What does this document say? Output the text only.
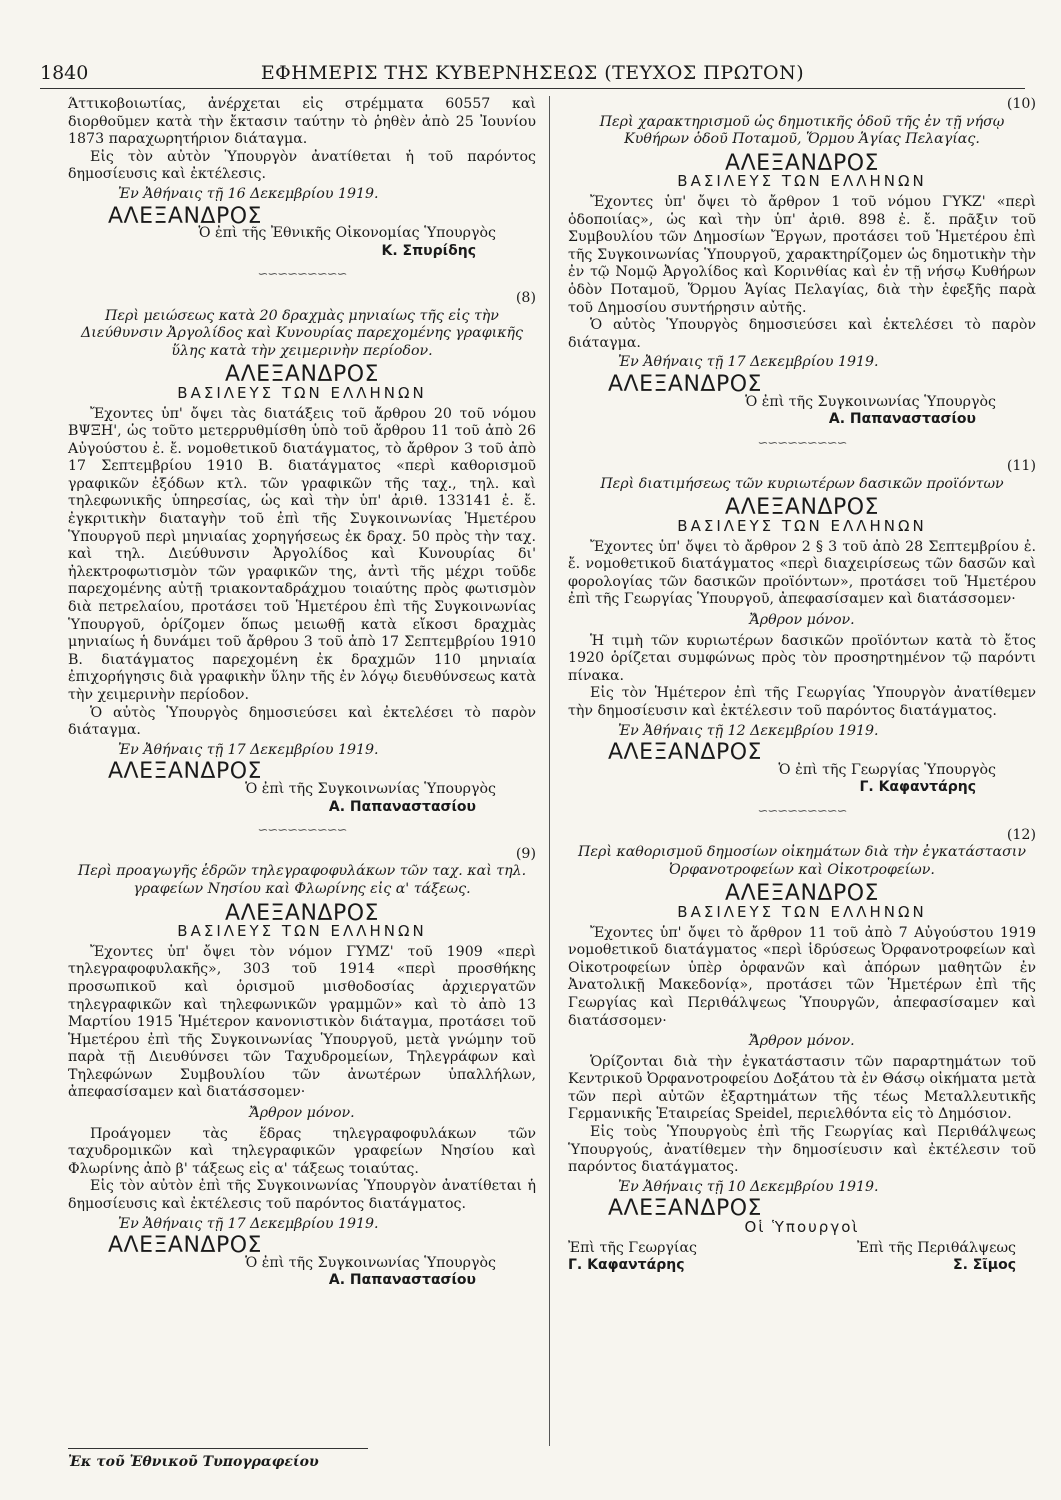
1840	ΕΦΗΜΕΡΙΣ ΤΗΣ ΚΥΒΕΡΝΗΣΕΩΣ (ΤΕΥΧΟΣ ΠΡΩΤΟΝ)

Άττικοβοιωτίας, ἀνέρχεται εἰς στρέμματα 60557 καὶ διορθοῦμεν κατὰ τὴν ἔκτασιν ταύτην τὸ ῥηθὲν ἀπὸ 25 Ἰουνίου 1873 παραχωρητήριον διάταγμα.

Εἰς τὸν αὐτὸν Ὑπουργὸν ἀνατίθεται ἡ τοῦ παρόντος δημοσίευσις καὶ ἐκτέλεσις.

Ἐν Ἀθήναις τῇ 16 Δεκεμβρίου 1919.

ΑΛΕΞΑΝΔΡΟΣ

Ὁ ἐπὶ τῆς Ἐθνικῆς Οἰκονομίας Ὑπουργὸς

Κ. Σπυρίδης

∽∽∽∽∽∽∽∽∽

(8)

Περὶ μειώσεως κατὰ 20 δραχμὰς μηνιαίως τῆς εἰς τὴν Διεύθυνσιν Ἀργολίδος καὶ Κυνουρίας παρεχομένης γραφικῆς ὕλης κατὰ τὴν χειμερινὴν περίοδον.

ΑΛΕΞΑΝΔΡΟΣ
ΒΑΣΙΛΕΥΣ ΤΩΝ ΕΛΛΗΝΩΝ

Ἔχοντες ὑπ' ὄψει τὰς διατάξεις τοῦ ἄρθρου 20 τοῦ νόμου ΒΨΞΗ', ὡς τοῦτο μετερρυθμίσθη ὑπὸ τοῦ ἄρθρου 11 τοῦ ἀπὸ 26 Αὐγούστου ἐ. ἔ. νομοθετικοῦ διατάγματος, τὸ ἄρθρον 3 τοῦ ἀπὸ 17 Σεπτεμβρίου 1910 Β. διατάγματος «περὶ καθορισμοῦ γραφικῶν ἐξόδων κτλ. τῶν γραφικῶν τῆς ταχ., τηλ. καὶ τηλεφωνικῆς ὑπηρεσίας, ὡς καὶ τὴν ὑπ' ἀριθ. 133141 ἐ. ἔ. ἐγκριτικὴν διαταγὴν τοῦ ἐπὶ τῆς Συγκοινωνίας Ἡμετέρου Ὑπουργοῦ περὶ μηνιαίας χορηγήσεως ἐκ δραχ. 50 πρὸς τὴν ταχ. καὶ τηλ. Διεύθυνσιν Ἀργολίδος καὶ Κυνουρίας δι' ἠλεκτροφωτισμὸν τῶν γραφικῶν της, ἀντὶ τῆς μέχρι τοῦδε παρεχομένης αὐτῇ τριακονταδράχμου τοιαύτης πρὸς φωτισμὸν διὰ πετρελαίου, προτάσει τοῦ Ἡμετέρου ἐπὶ τῆς Συγκοινωνίας Ὑπουργοῦ, ὁρίζομεν ὅπως μειωθῇ κατὰ εἴκοσι δραχμὰς μηνιαίως ἡ δυνάμει τοῦ ἄρθρου 3 τοῦ ἀπὸ 17 Σεπτεμβρίου 1910 Β. διατάγματος παρεχομένη ἐκ δραχμῶν 110 μηνιαία ἐπιχορήγησις διὰ γραφικὴν ὕλην τῆς ἐν λόγῳ διευθύνσεως κατὰ τὴν χειμερινὴν περίοδον.

Ὁ αὐτὸς Ὑπουργὸς δημοσιεύσει καὶ ἐκτελέσει τὸ παρὸν διάταγμα.

Ἐν Ἀθήναις τῇ 17 Δεκεμβρίου 1919.

ΑΛΕΞΑΝΔΡΟΣ

Ὁ ἐπὶ τῆς Συγκοινωνίας Ὑπουργὸς

Α. Παπαναστασίου

∽∽∽∽∽∽∽∽∽

(9)

Περὶ προαγωγῆς ἑδρῶν τηλεγραφοφυλάκων τῶν ταχ. καὶ τηλ. γραφείων Νησίου καὶ Φλωρίνης εἰς α' τάξεως.

ΑΛΕΞΑΝΔΡΟΣ
ΒΑΣΙΛΕΥΣ ΤΩΝ ΕΛΛΗΝΩΝ

Ἔχοντες ὑπ' ὄψει τὸν νόμον ΓΥΜΖ' τοῦ 1909 «περὶ τηλεγραφοφυλακῆς», 303 τοῦ 1914 «περὶ προσθήκης προσωπικοῦ καὶ ὁρισμοῦ μισθοδοσίας ἀρχιεργατῶν τηλεγραφικῶν καὶ τηλεφωνικῶν γραμμῶν» καὶ τὸ ἀπὸ 13 Μαρτίου 1915 Ἡμέτερον κανονιστικὸν διάταγμα, προτάσει τοῦ Ἡμετέρου ἐπὶ τῆς Συγκοινωνίας Ὑπουργοῦ, μετὰ γνώμην τοῦ παρὰ τῇ Διευθύνσει τῶν Ταχυδρομείων, Τηλεγράφων καὶ Τηλεφώνων Συμβουλίου τῶν ἀνωτέρων ὑπαλλήλων, ἀπεφασίσαμεν καὶ διατάσσομεν·

Ἄρθρον μόνον.

Προάγομεν τὰς ἕδρας τηλεγραφοφυλάκων τῶν ταχυδρομικῶν καὶ τηλεγραφικῶν γραφείων Νησίου καὶ Φλωρίνης ἀπὸ β' τάξεως εἰς α' τάξεως τοιαύτας.

Εἰς τὸν αὐτὸν ἐπὶ τῆς Συγκοινωνίας Ὑπουργὸν ἀνατίθεται ἡ δημοσίευσις καὶ ἐκτέλεσις τοῦ παρόντος διατάγματος.

Ἐν Ἀθήναις τῇ 17 Δεκεμβρίου 1919.

ΑΛΕΞΑΝΔΡΟΣ

Ὁ ἐπὶ τῆς Συγκοινωνίας Ὑπουργὸς

Α. Παπαναστασίου

(10)

Περὶ χαρακτηρισμοῦ ὡς δημοτικῆς ὁδοῦ τῆς ἐν τῇ νήσῳ Κυθήρων ὁδοῦ Ποταμοῦ, Ὅρμου Ἁγίας Πελαγίας.

ΑΛΕΞΑΝΔΡΟΣ
ΒΑΣΙΛΕΥΣ ΤΩΝ ΕΛΛΗΝΩΝ

Ἔχοντες ὑπ' ὄψει τὸ ἄρθρον 1 τοῦ νόμου ΓΥΚΖ' «περὶ ὁδοποιίας», ὡς καὶ τὴν ὑπ' ἀριθ. 898 ἐ. ἔ. πρᾶξιν τοῦ Συμβουλίου τῶν Δημοσίων Ἔργων, προτάσει τοῦ Ἡμετέρου ἐπὶ τῆς Συγκοινωνίας Ὑπουργοῦ, χαρακτηρίζομεν ὡς δημοτικὴν τὴν ἐν τῷ Νομῷ Ἀργολίδος καὶ Κορινθίας καὶ ἐν τῇ νήσῳ Κυθήρων ὁδὸν Ποταμοῦ, Ὅρμου Ἁγίας Πελαγίας, διὰ τὴν ἐφεξῆς παρὰ τοῦ Δημοσίου συντήρησιν αὐτῆς.

Ὁ αὐτὸς Ὑπουργὸς δημοσιεύσει καὶ ἐκτελέσει τὸ παρὸν διάταγμα.

Ἐν Ἀθήναις τῇ 17 Δεκεμβρίου 1919.

ΑΛΕΞΑΝΔΡΟΣ

Ὁ ἐπὶ τῆς Συγκοινωνίας Ὑπουργὸς

Α. Παπαναστασίου

∽∽∽∽∽∽∽∽∽

(11)

Περὶ διατιμήσεως τῶν κυριωτέρων δασικῶν προϊόντων

ΑΛΕΞΑΝΔΡΟΣ
ΒΑΣΙΛΕΥΣ ΤΩΝ ΕΛΛΗΝΩΝ

Ἔχοντες ὑπ' ὄψει τὸ ἄρθρον 2 § 3 τοῦ ἀπὸ 28 Σεπτεμβρίου ἐ. ἔ. νομοθετικοῦ διατάγματος «περὶ διαχειρίσεως τῶν δασῶν καὶ φορολογίας τῶν δασικῶν προϊόντων», προτάσει τοῦ Ἡμετέρου ἐπὶ τῆς Γεωργίας Ὑπουργοῦ, ἀπεφασίσαμεν καὶ διατάσσομεν·

Ἄρθρον μόνον.

Ἡ τιμὴ τῶν κυριωτέρων δασικῶν προϊόντων κατὰ τὸ ἔτος 1920 ὁρίζεται συμφώνως πρὸς τὸν προσηρτημένον τῷ παρόντι πίνακα.

Εἰς τὸν Ἡμέτερον ἐπὶ τῆς Γεωργίας Ὑπουργὸν ἀνατίθεμεν τὴν δημοσίευσιν καὶ ἐκτέλεσιν τοῦ παρόντος διατάγματος.

Ἐν Ἀθήναις τῇ 12 Δεκεμβρίου 1919.

ΑΛΕΞΑΝΔΡΟΣ

Ὁ ἐπὶ τῆς Γεωργίας Ὑπουργὸς

Γ. Καφαντάρης

∽∽∽∽∽∽∽∽∽

(12)

Περὶ καθορισμοῦ δημοσίων οἰκημάτων διὰ τὴν ἐγκατάστασιν Ὀρφανοτροφείων καὶ Οἰκοτροφείων.

ΑΛΕΞΑΝΔΡΟΣ
ΒΑΣΙΛΕΥΣ ΤΩΝ ΕΛΛΗΝΩΝ

Ἔχοντες ὑπ' ὄψει τὸ ἄρθρον 11 τοῦ ἀπὸ 7 Αὐγούστου 1919 νομοθετικοῦ διατάγματος «περὶ ἱδρύσεως Ὀρφανοτροφείων καὶ Οἰκοτροφείων ὑπὲρ ὀρφανῶν καὶ ἀπόρων μαθητῶν ἐν Ἀνατολικῇ Μακεδονίᾳ», προτάσει τῶν Ἡμετέρων ἐπὶ τῆς Γεωργίας καὶ Περιθάλψεως Ὑπουργῶν, ἀπεφασίσαμεν καὶ διατάσσομεν·

Ἄρθρον μόνον.

Ὁρίζονται διὰ τὴν ἐγκατάστασιν τῶν παραρτημάτων τοῦ Κεντρικοῦ Ὀρφανοτροφείου Δοξάτου τὰ ἐν Θάσῳ οἰκήματα μετὰ τῶν περὶ αὐτῶν ἐξαρτημάτων τῆς τέως Μεταλλευτικῆς Γερμανικῆς Ἑταιρείας Speidel, περιελθόντα εἰς τὸ Δημόσιον.

Εἰς τοὺς Ὑπουργοὺς ἐπὶ τῆς Γεωργίας καὶ Περιθάλψεως Ὑπουργούς, ἀνατίθεμεν τὴν δημοσίευσιν καὶ ἐκτέλεσιν τοῦ παρόντος διατάγματος.

Ἐν Ἀθήναις τῇ 10 Δεκεμβρίου 1919.

ΑΛΕΞΑΝΔΡΟΣ

Οἱ Ὑπουργοὶ

Ἐπὶ τῆς Γεωργίας	Ἐπὶ τῆς Περιθάλψεως
Γ. Καφαντάρης	Σ. Σῖμος
Ἐκ τοῦ Ἐθνικοῦ Τυπογραφείου
